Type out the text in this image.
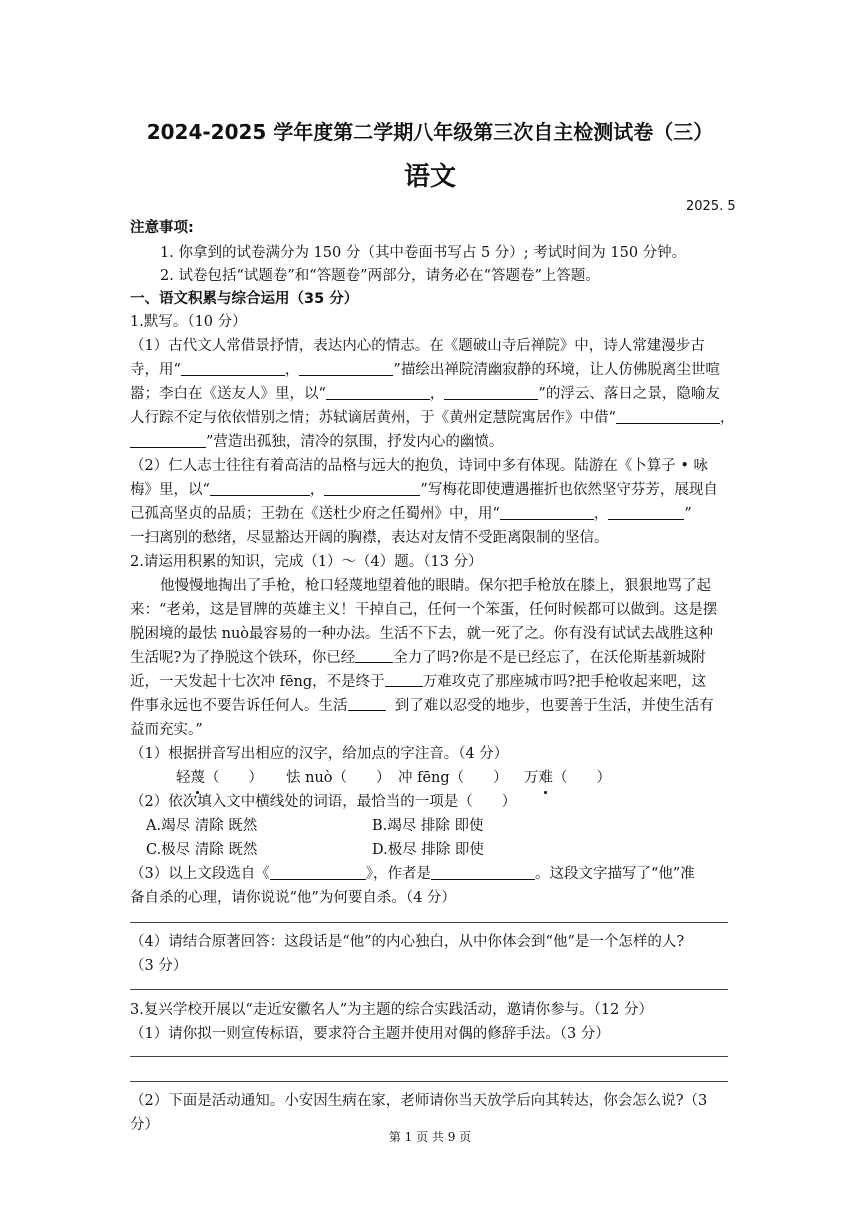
2024-2025 学年度第二学期八年级第三次自主检测试卷（三）
语文
2025. 5
注意事项:
1. 你拿到的试卷满分为 150 分（其中卷面书写占 5 分）; 考试时间为 150 分钟。
2. 试卷包括“试题卷”和“答题卷”两部分，请务必在“答题卷”上答题。
一、语文积累与综合运用（35 分）
1.默写。（10 分）
（1）古代文人常借景抒情，表达内心的情志。在《题破山寺后禅院》中，诗人常建漫步古
寺，用“	，	”描绘出禅院清幽寂静的环境，让人仿佛脱离尘世喧
嚣；李白在《送友人》里，以“	，	”的浮云、落日之景，隐喻友
人行踪不定与依依惜别之情；苏轼谪居黄州，于《黄州定慧院寓居作》中借“	，
”营造出孤独，清冷的氛围，抒发内心的幽愤。
（2）仁人志士往往有着高洁的品格与远大的抱负，诗词中多有体现。陆游在《卜算子 • 咏
梅》里，以“	，	”写梅花即使遭遇摧折也依然坚守芬芳，展现自
己孤高坚贞的品质；王勃在《送杜少府之任蜀州》中，用“	，	”
一扫离别的愁绪，尽显豁达开阔的胸襟，表达对友情不受距离限制的坚信。
2.请运用积累的知识，完成（1）～（4）题。（13 分）
他慢慢地掏出了手枪，枪口轻蔑地望着他的眼睛。保尔把手枪放在膝上，狠狠地骂了起
来：“老弟，这是冒牌的英雄主义！干掉自己，任何一个笨蛋，任何时候都可以做到。这是摆
脱困境的最怯 nuò最容易的一种办法。生活不下去，就一死了之。你有没有试试去战胜这种
生活呢?为了挣脱这个铁环，你已经	全力了吗?你是不是已经忘了，在沃伦斯基新城附
近，一天发起十七次冲 fēng，不是终于	万难攻克了那座城市吗?把手枪收起来吧，这
件事永远也不要告诉任何人。生活	到了难以忍受的地步，也要善于生活，并使生活有
益而充实。”
（1）根据拼音写出相应的汉字，给加点的字注音。（4 分）
轻蔑（　　） 怯 nuò（　　） 冲 fēng（　　） 万难（　　）
（2）依次填入文中横线处的词语，最恰当的一项是（　　）
A.竭尽 清除 既然	B.竭尽 排除 即使
C.极尽 清除 既然	D.极尽 排除 即使
（3）以上文段选自《	》，作者是	。这段文字描写了“他”准
备自杀的心理，请你说说“他”为何要自杀。（4 分）
（4）请结合原著回答：这段话是“他”的内心独白，从中你体会到“他”是一个怎样的人?
（3 分）
3.复兴学校开展以“走近安徽名人”为主题的综合实践活动，邀请你参与。（12 分）
（1）请你拟一则宣传标语，要求符合主题并使用对偶的修辞手法。（3 分）
（2）下面是活动通知。小安因生病在家，老师请你当天放学后向其转达，你会怎么说?（3
分）
第 1 页 共 9 页
